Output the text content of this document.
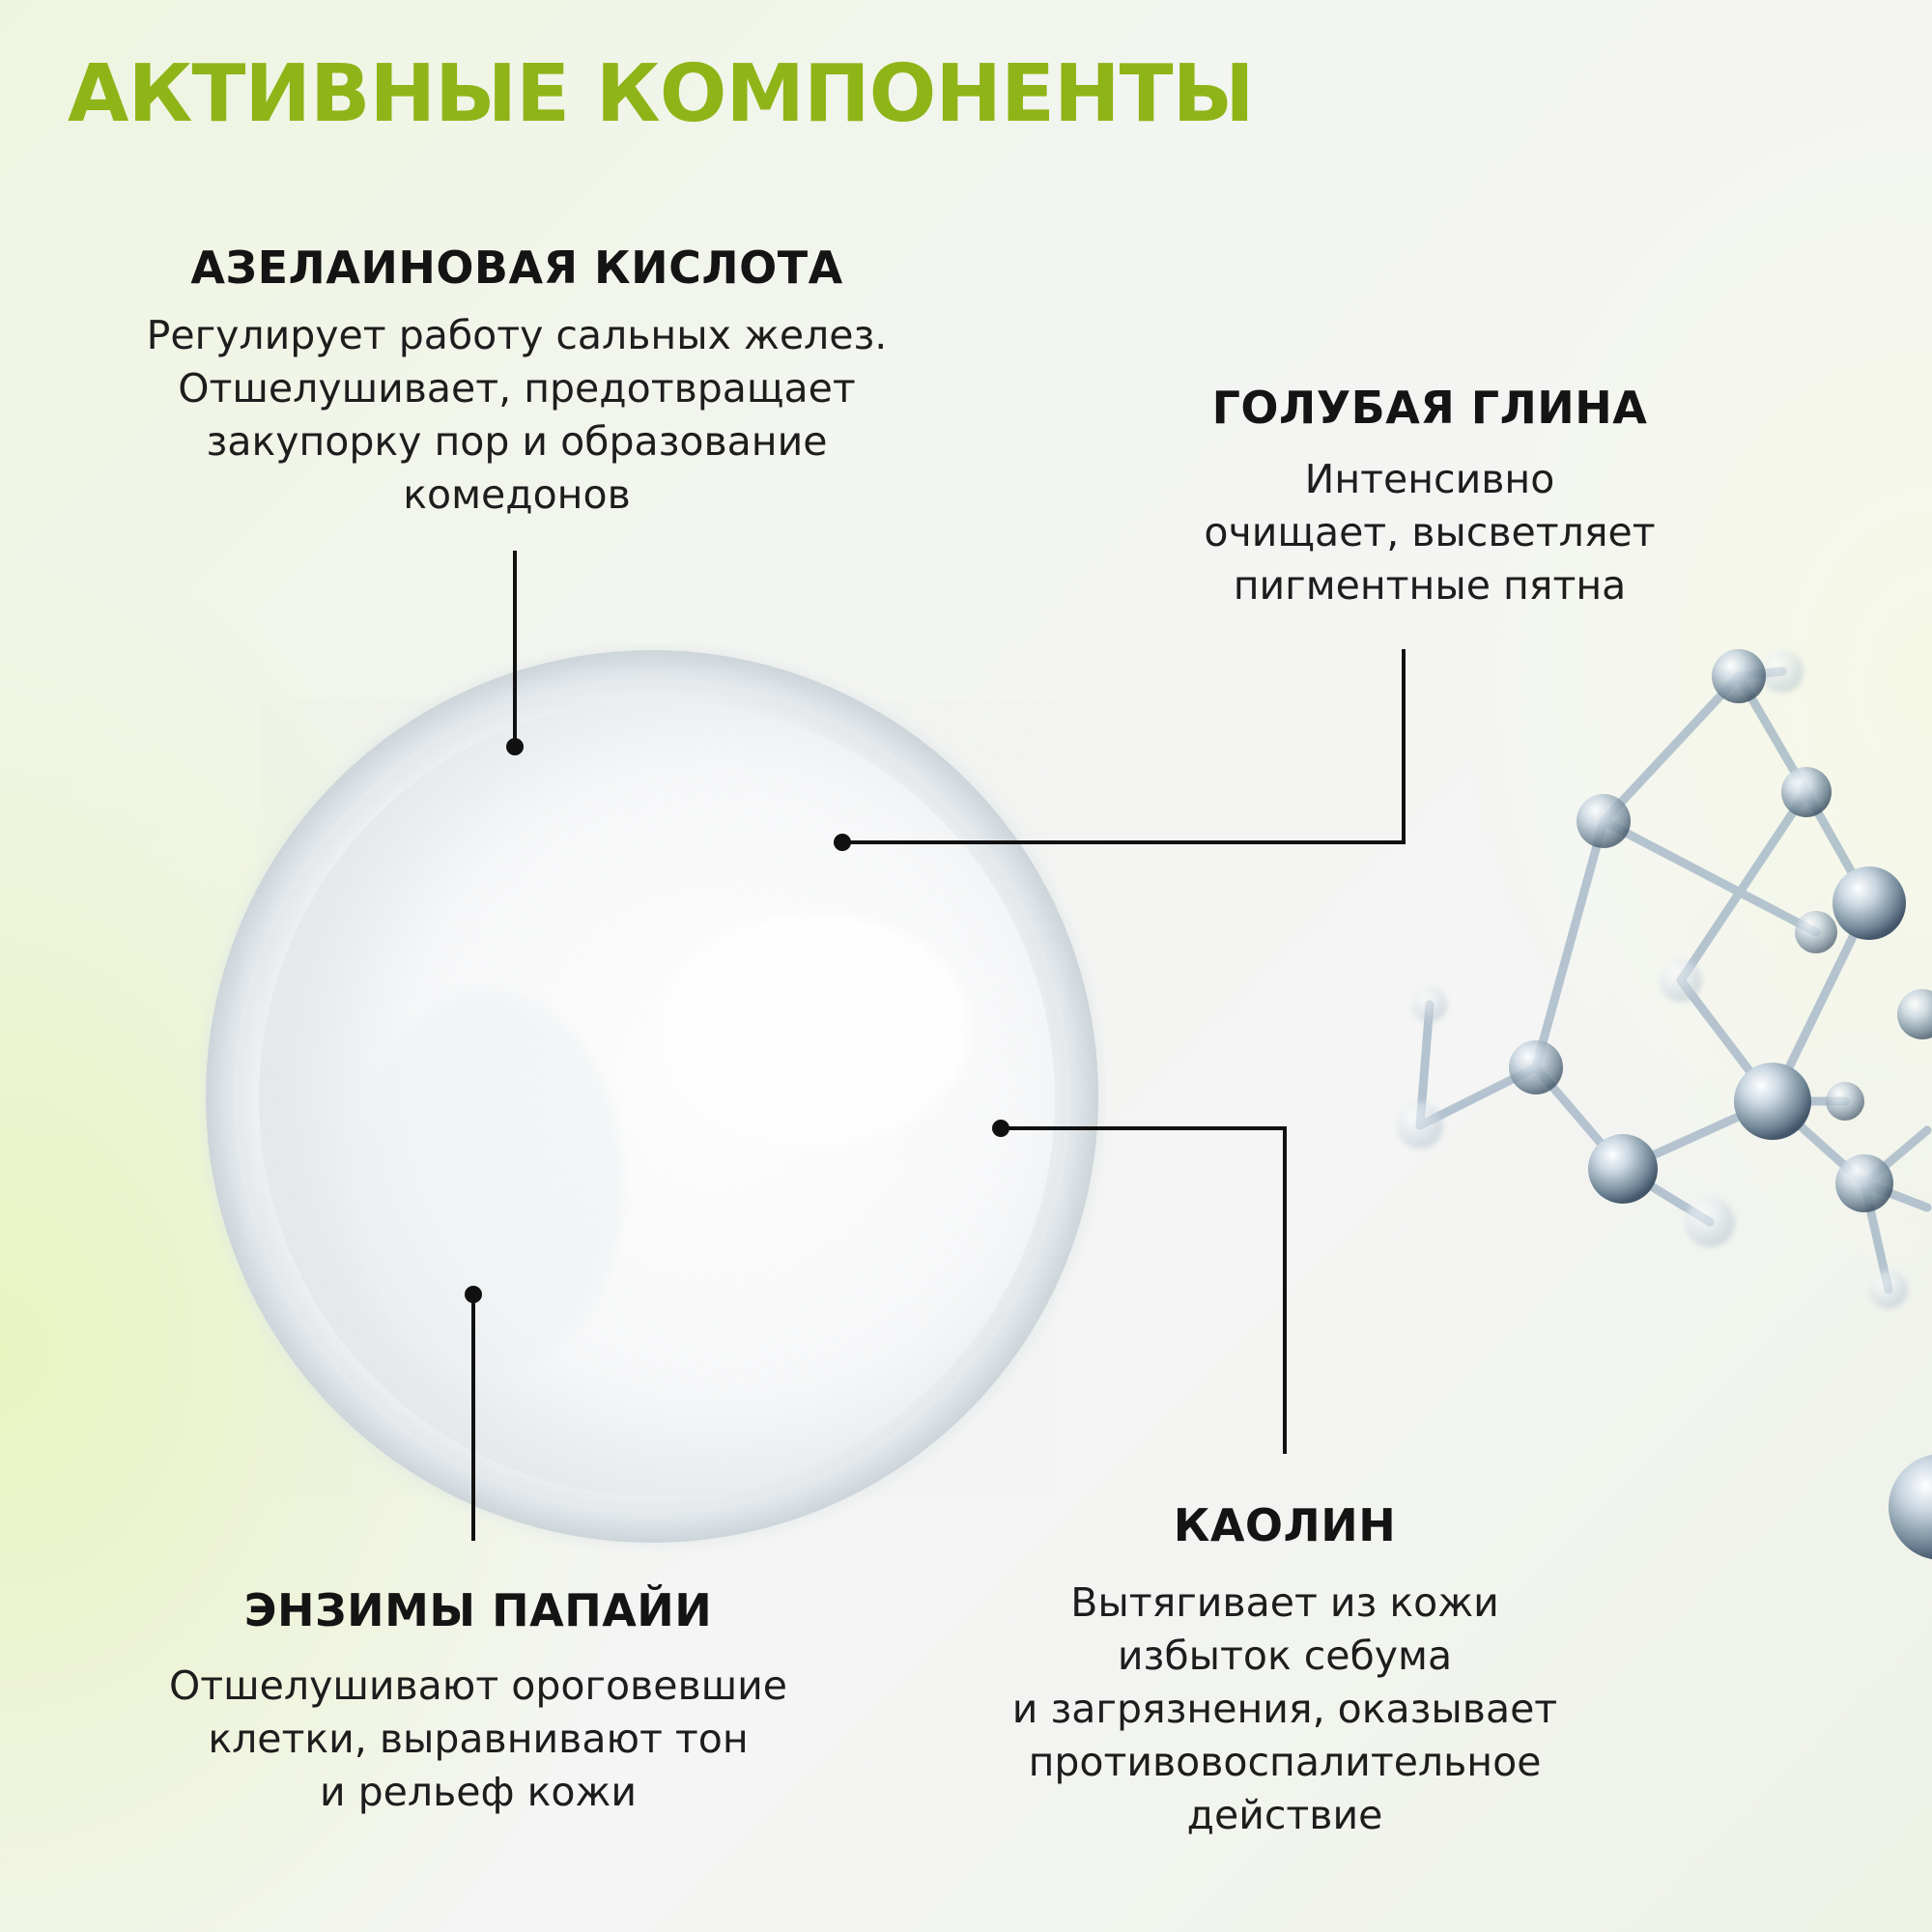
АКТИВНЫЕ КОМПОНЕНТЫ
АЗЕЛАИНОВАЯ КИСЛОТА

Регулирует работу сальных желез.
Отшелушивает, предотвращает
закупорку пор и образование
комедонов

ГОЛУБАЯ ГЛИНА

Интенсивно
очищает, высветляет
пигментные пятна

КАОЛИН

Вытягивает из кожи
избыток себума
и загрязнения, оказывает
противовоспалительное
действие

ЭНЗИМЫ ПАПАЙИ

Отшелушивают ороговевшие
клетки, выравнивают тон
и рельеф кожи
